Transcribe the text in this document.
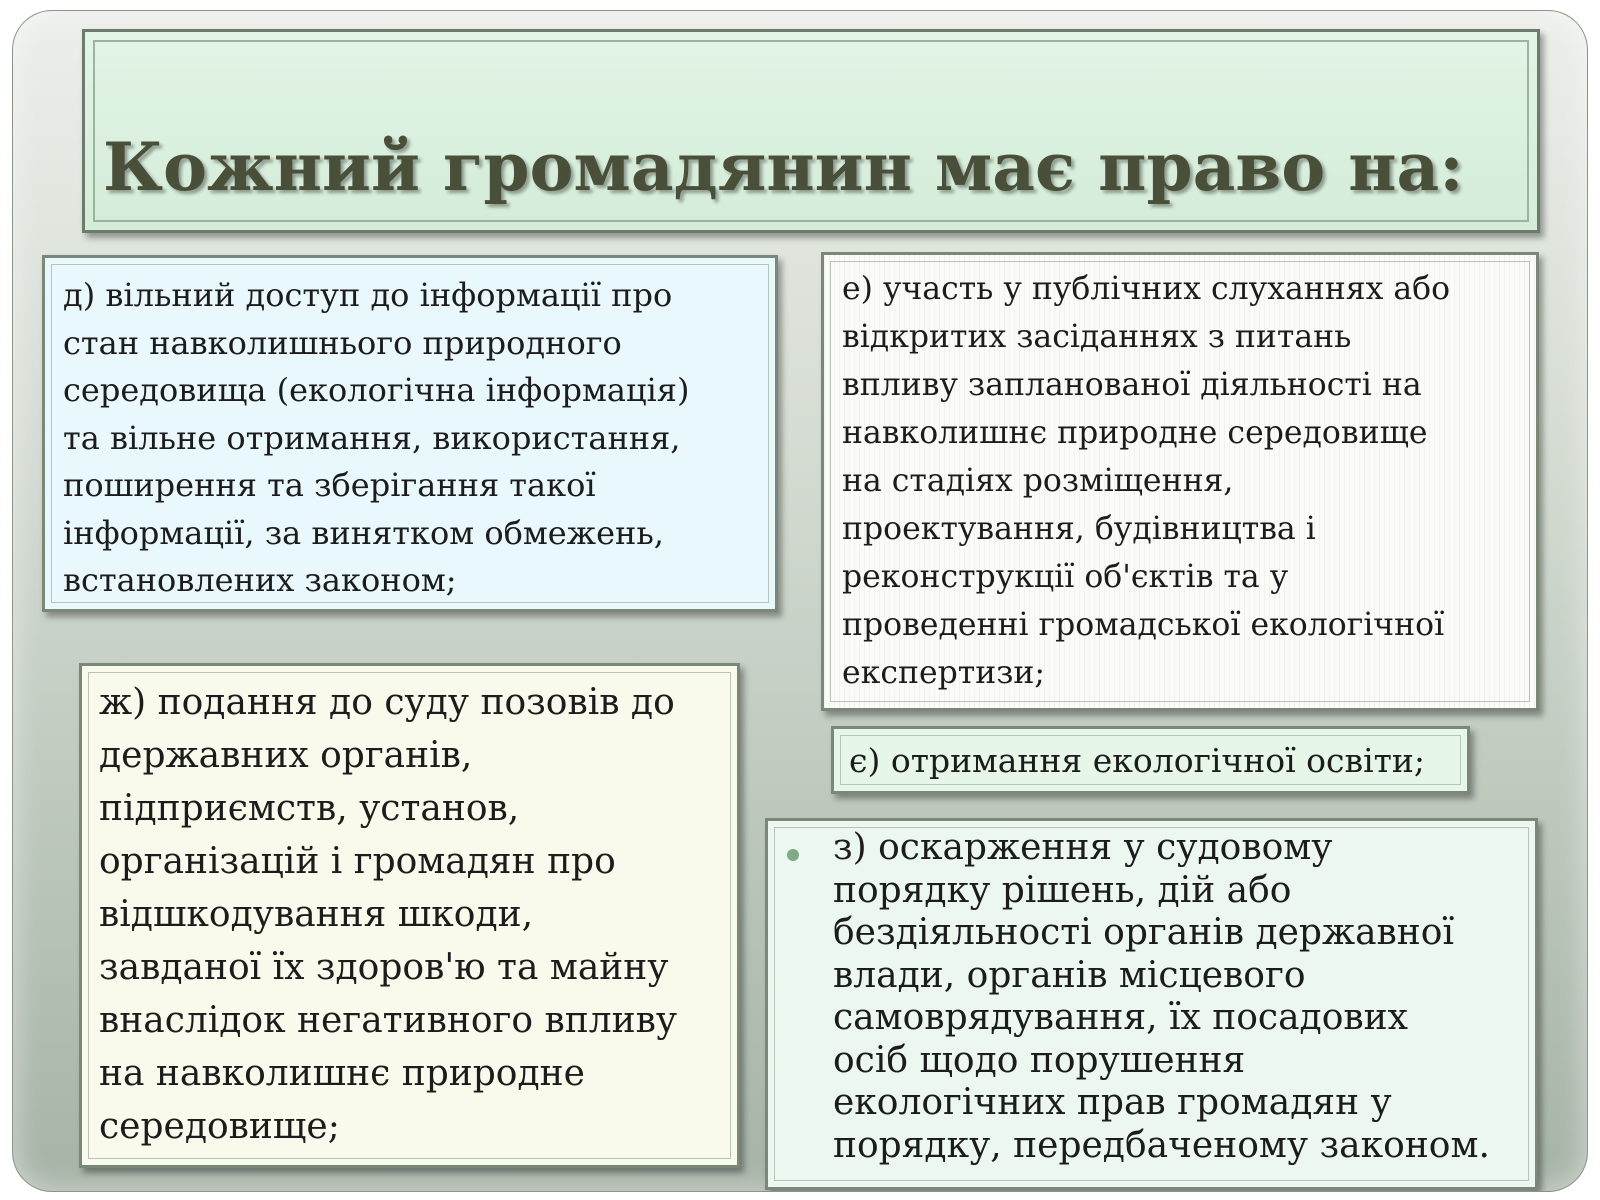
Кожний громадянин має право на:

д) вільний доступ до інформації про
стан навколишнього природного
середовища (екологічна інформація)
та вільне отримання, використання,
поширення та зберігання такої
інформації, за винятком обмежень,
встановлених законом;

е) участь у публічних слуханнях або
відкритих засіданнях з питань
впливу запланованої діяльності на
навколишнє природне середовище
на стадіях розміщення,
проектування, будівництва і
реконструкції об'єктів та у
проведенні громадської екологічної
експертизи;

ж) подання до суду позовів до
державних органів,
підприємств, установ,
організацій і громадян про
відшкодування шкоди,
завданої їх здоров'ю та майну
внаслідок негативного впливу
на навколишнє природне
середовище;

є) отримання екологічної освіти;

з) оскарження у судовому
порядку рішень, дій або
бездіяльності органів державної
влади, органів місцевого
самоврядування, їх посадових
осіб щодо порушення
екологічних прав громадян у
порядку, передбаченому законом.
